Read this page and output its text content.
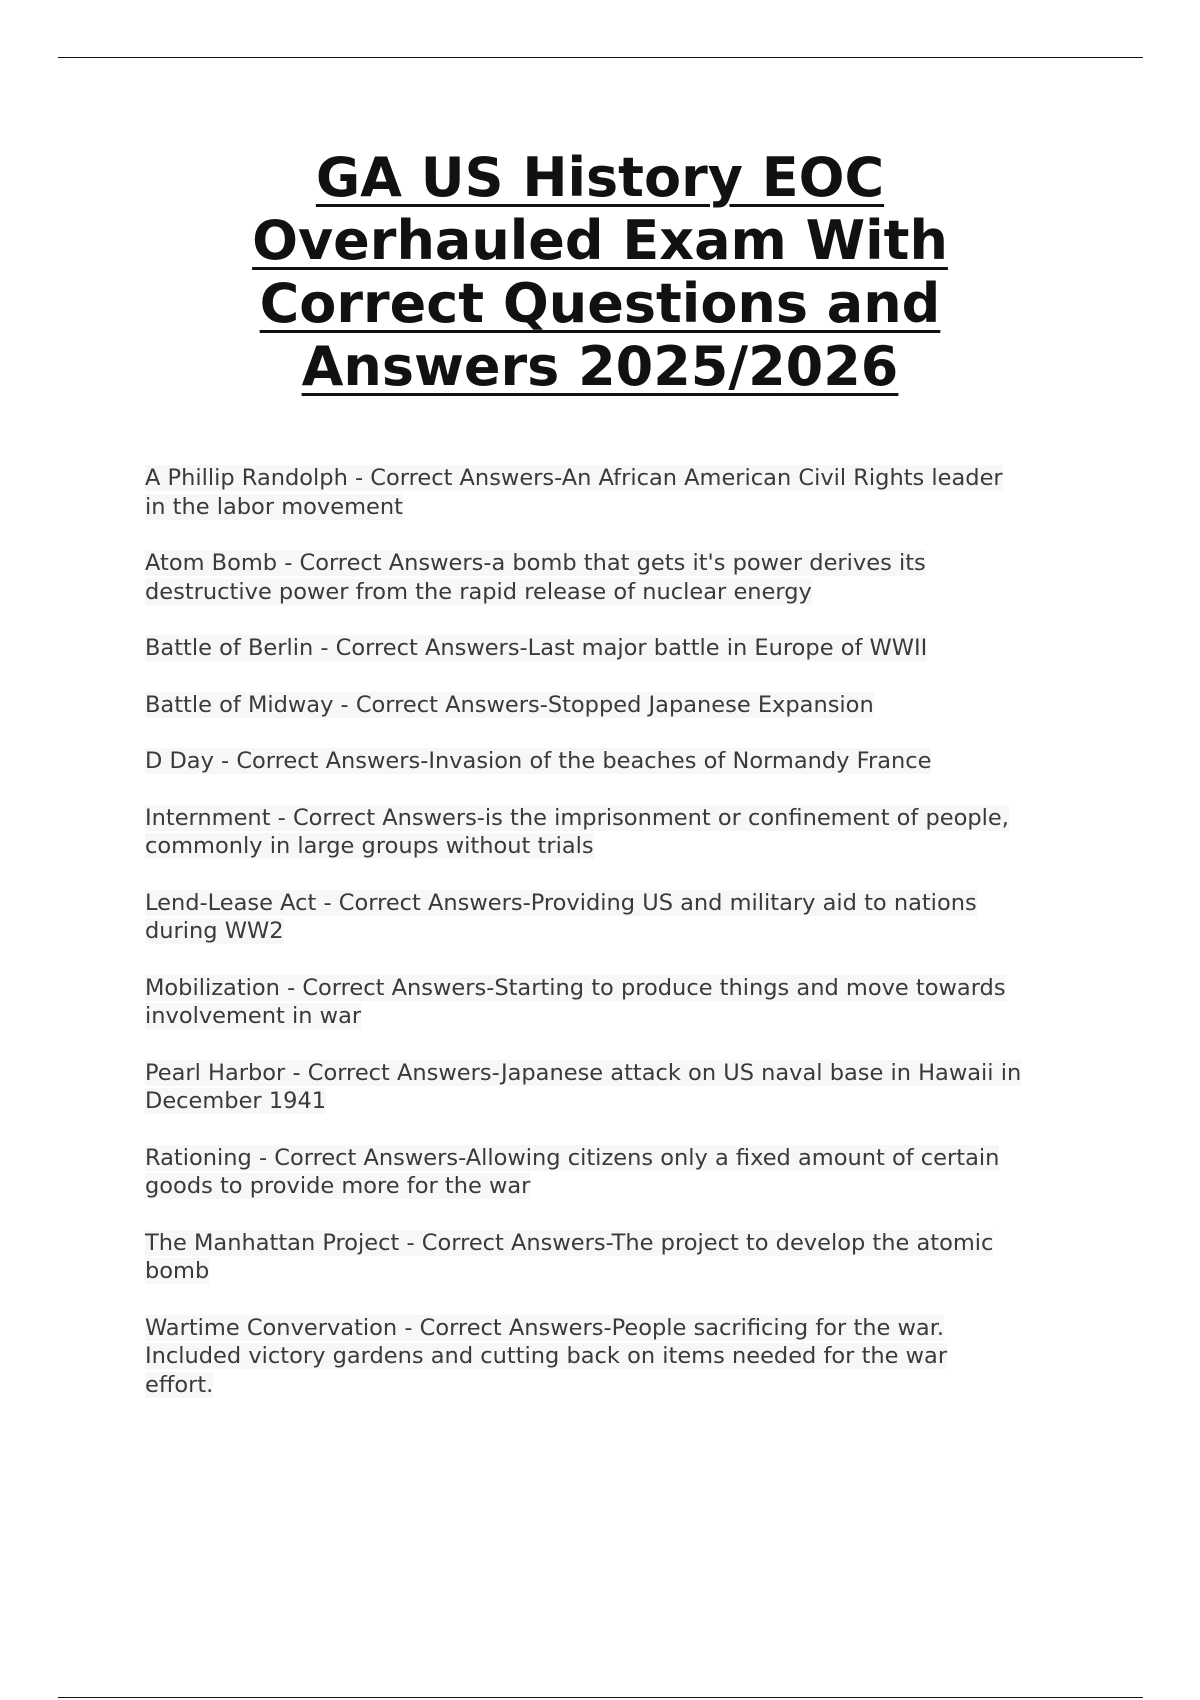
GA US History EOC
Overhauled Exam With
Correct Questions and
Answers 2025/2026
A Phillip Randolph - Correct Answers-An African American Civil Rights leader
in the labor movement
Atom Bomb - Correct Answers-a bomb that gets it's power derives its
destructive power from the rapid release of nuclear energy
Battle of Berlin - Correct Answers-Last major battle in Europe of WWII
Battle of Midway - Correct Answers-Stopped Japanese Expansion
D Day - Correct Answers-Invasion of the beaches of Normandy France
Internment - Correct Answers-is the imprisonment or confinement of people,
commonly in large groups without trials
Lend-Lease Act - Correct Answers-Providing US and military aid to nations
during WW2
Mobilization - Correct Answers-Starting to produce things and move towards
involvement in war
Pearl Harbor - Correct Answers-Japanese attack on US naval base in Hawaii in
December 1941
Rationing - Correct Answers-Allowing citizens only a fixed amount of certain
goods to provide more for the war
The Manhattan Project - Correct Answers-The project to develop the atomic
bomb
Wartime Convervation - Correct Answers-People sacrificing for the war.
Included victory gardens and cutting back on items needed for the war
effort.
